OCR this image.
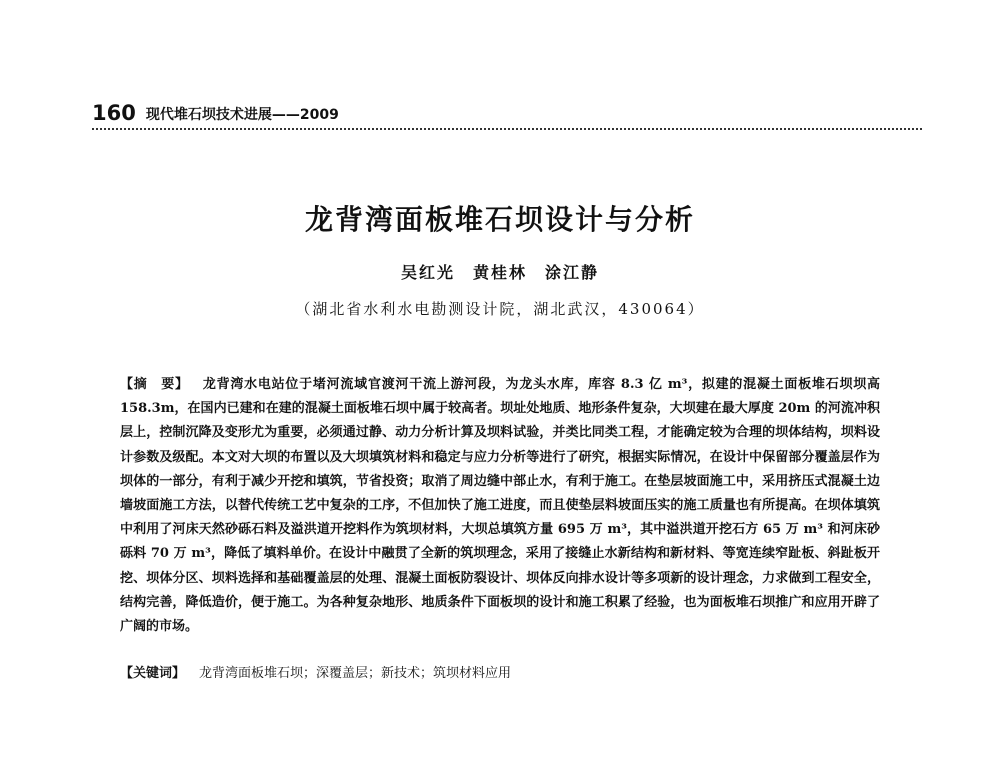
160 现代堆石坝技术进展——2009
龙背湾面板堆石坝设计与分析
吴红光　黄桂林　涂江静
（湖北省水利水电勘测设计院，湖北武汉，430064）
【摘　要】 龙背湾水电站位于堵河流域官渡河干流上游河段，为龙头水库，库容 8.3 亿 m³，拟建的混凝土面板堆石坝坝高 158.3m，在国内已建和在建的混凝土面板堆石坝中属于较高者。坝址处地质、地形条件复杂，大坝建在最大厚度 20m 的河流冲积层上，控制沉降及变形尤为重要，必须通过静、动力分析计算及坝料试验，并类比同类工程，才能确定较为合理的坝体结构，坝料设计参数及级配。本文对大坝的布置以及大坝填筑材料和稳定与应力分析等进行了研究，根据实际情况，在设计中保留部分覆盖层作为坝体的一部分，有利于减少开挖和填筑，节省投资；取消了周边缝中部止水，有利于施工。在垫层坡面施工中，采用挤压式混凝土边墙坡面施工方法，以替代传统工艺中复杂的工序，不但加快了施工进度，而且使垫层料坡面压实的施工质量也有所提高。在坝体填筑中利用了河床天然砂砾石料及溢洪道开挖料作为筑坝材料，大坝总填筑方量 695 万 m³，其中溢洪道开挖石方 65 万 m³ 和河床砂砾料 70 万 m³，降低了填料单价。在设计中融贯了全新的筑坝理念，采用了接缝止水新结构和新材料、等宽连续窄趾板、斜趾板开挖、坝体分区、坝料选择和基础覆盖层的处理、混凝土面板防裂设计、坝体反向排水设计等多项新的设计理念，力求做到工程安全，结构完善，降低造价，便于施工。为各种复杂地形、地质条件下面板坝的设计和施工积累了经验，也为面板堆石坝推广和应用开辟了广阔的市场。
【关键词】 龙背湾面板堆石坝；深覆盖层；新技术；筑坝材料应用
